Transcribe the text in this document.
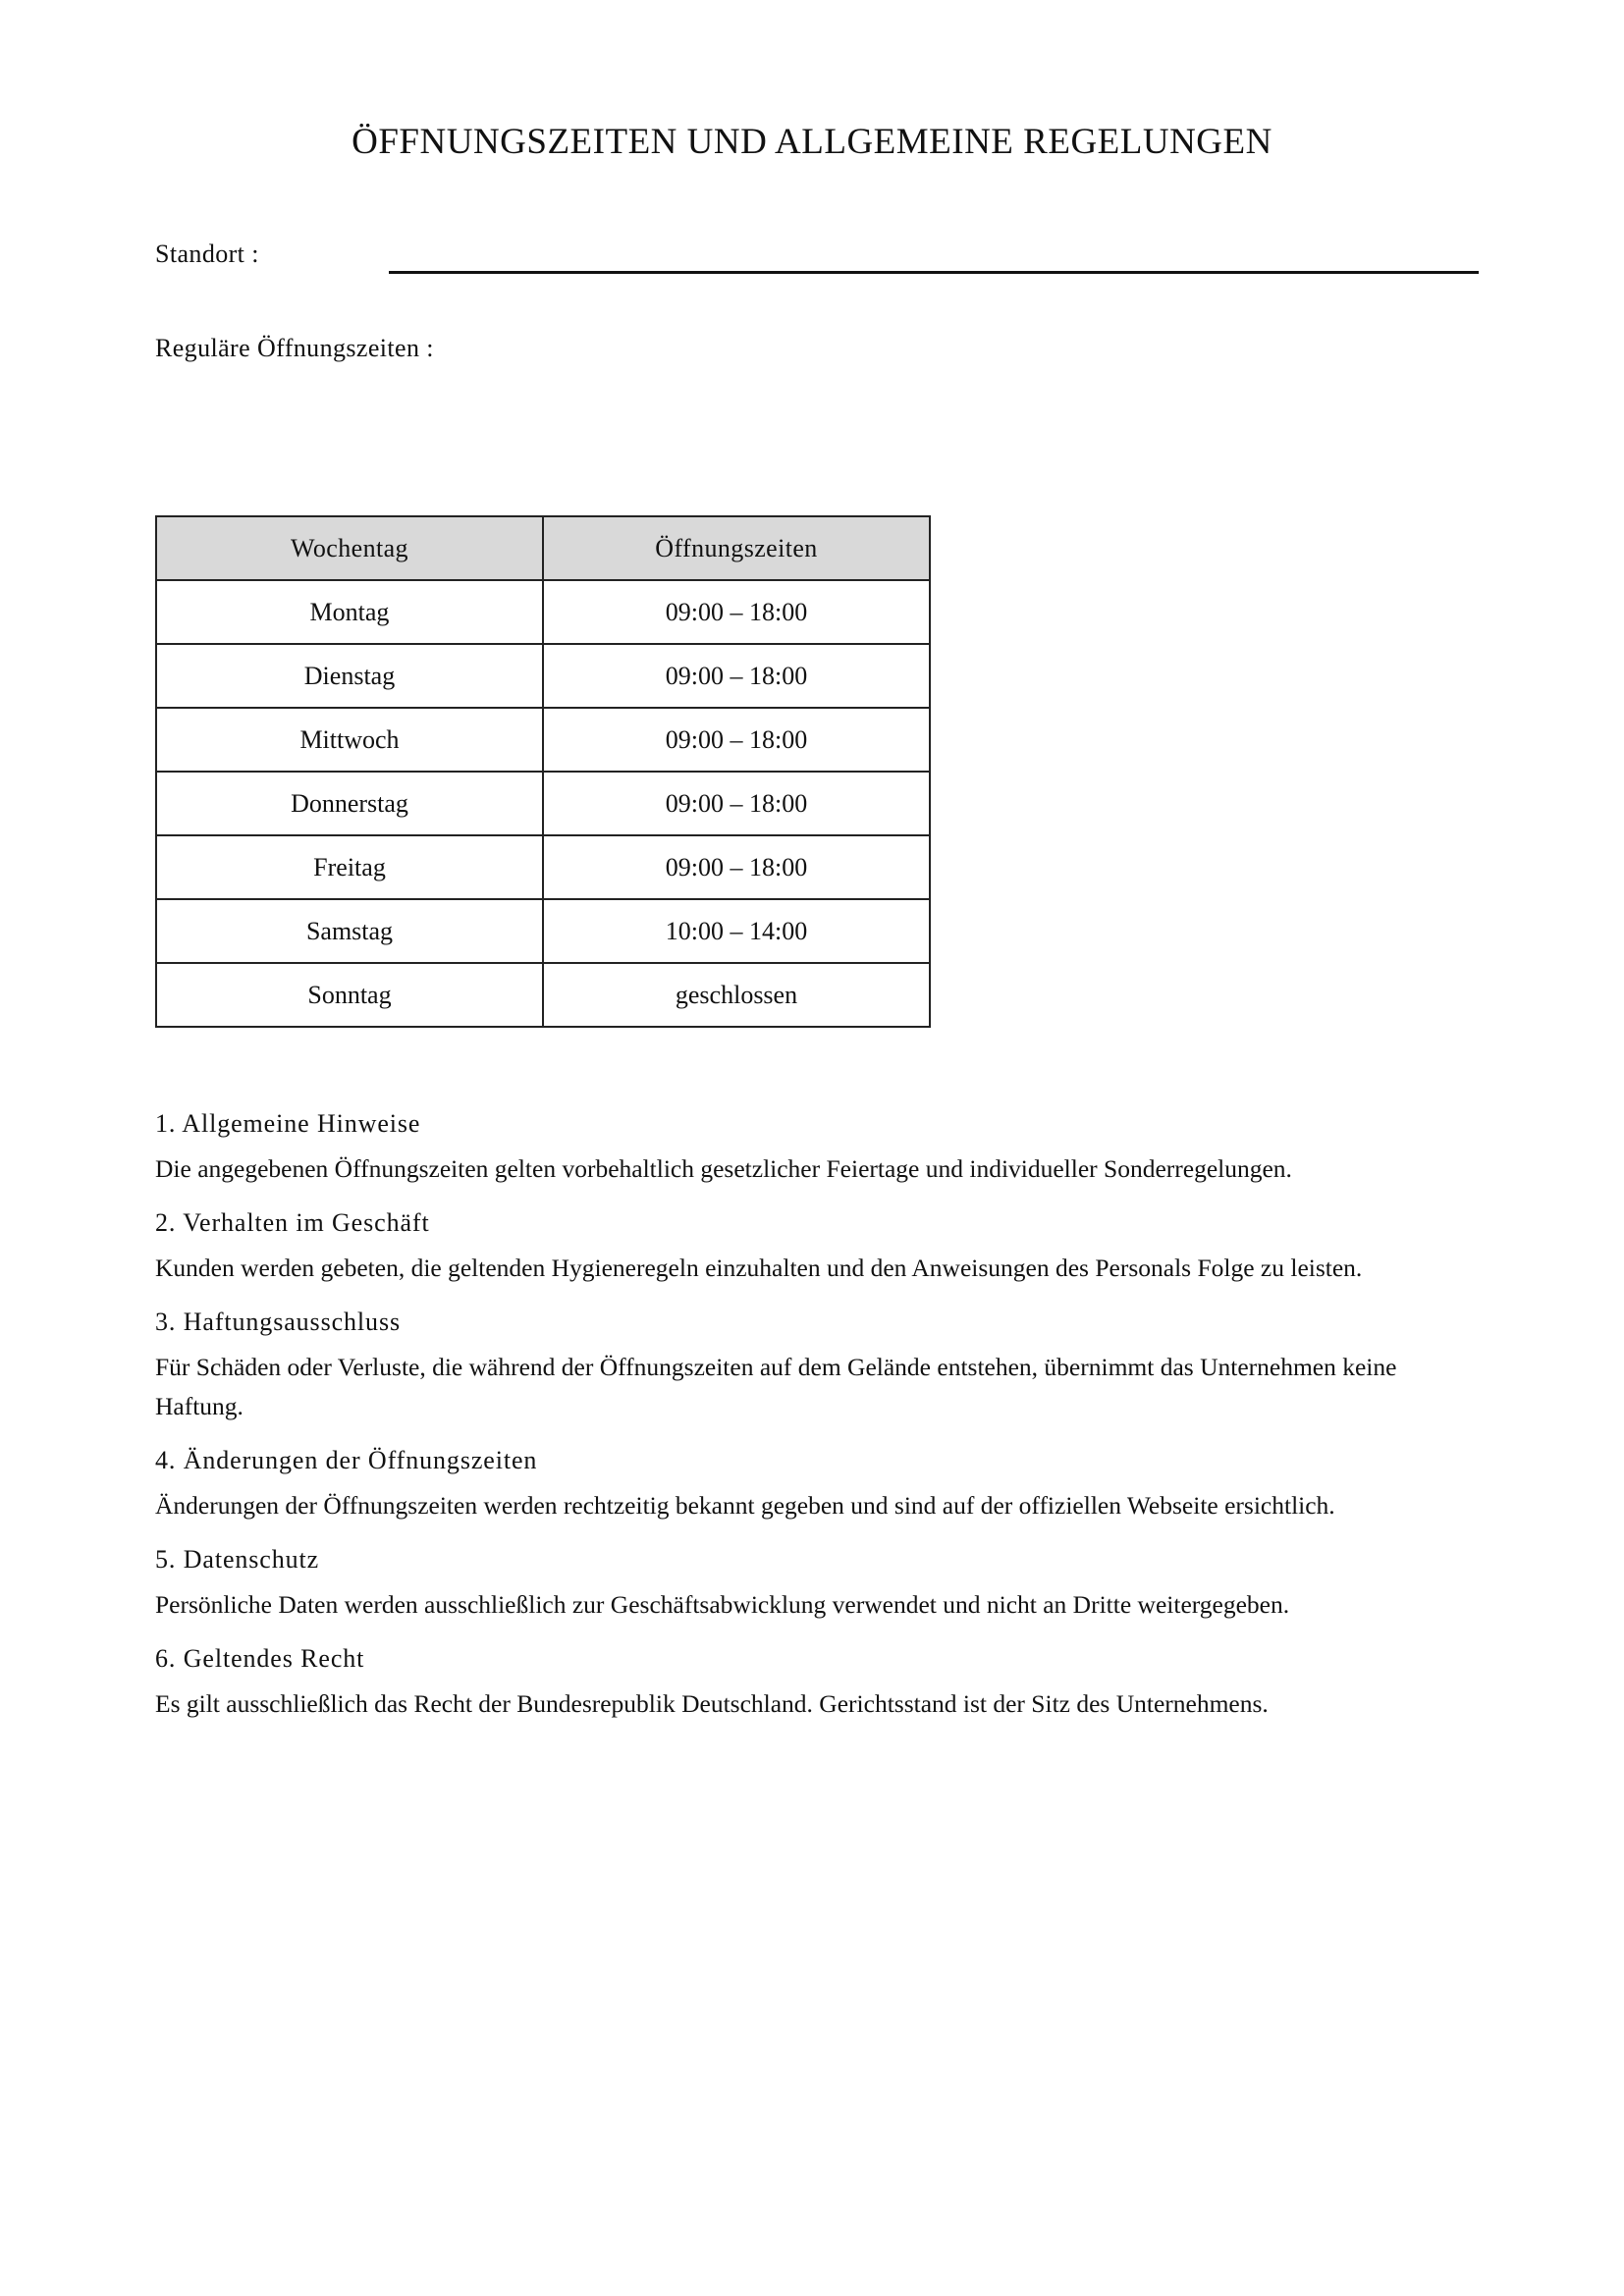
ÖFFNUNGSZEITEN UND ALLGEMEINE REGELUNGEN
Standort :
Reguläre Öffnungszeiten :
Wochentag	Öffnungszeiten
Montag	09:00 – 18:00
Dienstag	09:00 – 18:00
Mittwoch	09:00 – 18:00
Donnerstag	09:00 – 18:00
Freitag	09:00 – 18:00
Samstag	10:00 – 14:00
Sonntag	geschlossen

1. Allgemeine Hinweise

Die angegebenen Öffnungszeiten gelten vorbehaltlich gesetzlicher Feiertage und individueller Sonderregelungen.

2. Verhalten im Geschäft

Kunden werden gebeten, die geltenden Hygieneregeln einzuhalten und den Anweisungen des Personals Folge zu leisten.

3. Haftungsausschluss

Für Schäden oder Verluste, die während der Öffnungszeiten auf dem Gelände entstehen, übernimmt das Unternehmen keine Haftung.

4. Änderungen der Öffnungszeiten

Änderungen der Öffnungszeiten werden rechtzeitig bekannt gegeben und sind auf der offiziellen Webseite ersichtlich.

5. Datenschutz

Persönliche Daten werden ausschließlich zur Geschäftsabwicklung verwendet und nicht an Dritte weitergegeben.

6. Geltendes Recht

Es gilt ausschließlich das Recht der Bundesrepublik Deutschland. Gerichtsstand ist der Sitz des Unternehmens.
